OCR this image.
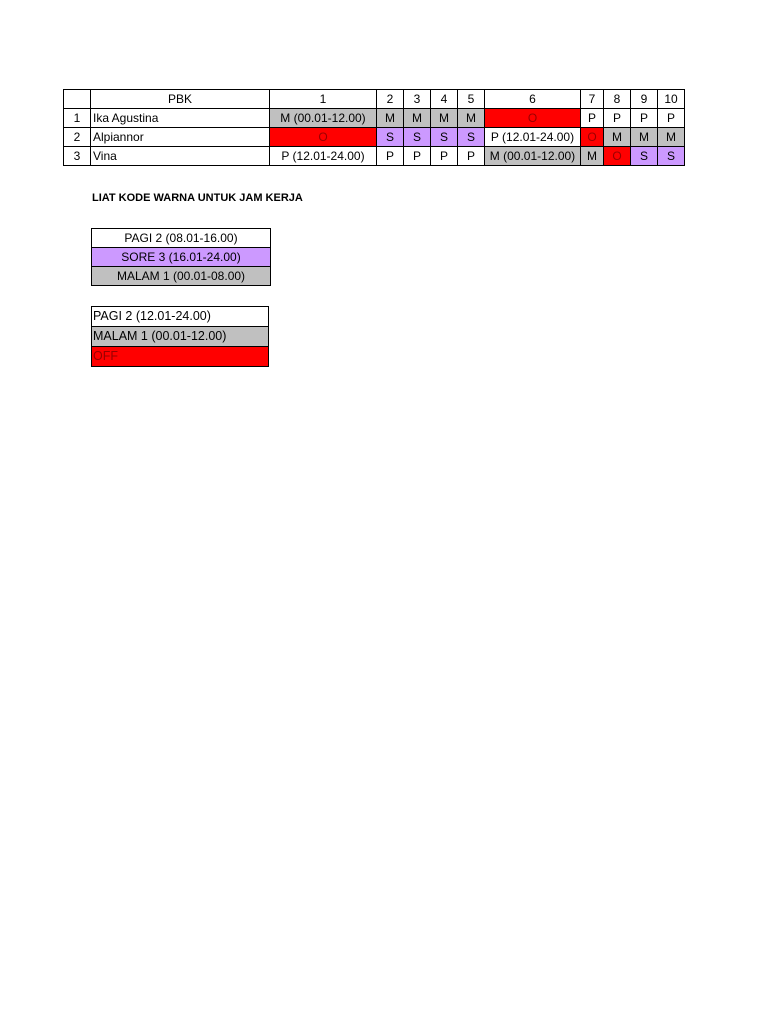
	PBK	1	2	3	4	5	6	7	8	9	10
1	Ika Agustina	M (00.01-12.00)	M	M	M	M	O	P	P	P	P
2	Alpiannor	O	S	S	S	S	P (12.01-24.00)	O	M	M	M
3	Vina	P (12.01-24.00)	P	P	P	P	M (00.01-12.00)	M	O	S	S
LIAT KODE WARNA UNTUK JAM KERJA
PAGI 2 (08.01-16.00)
SORE 3 (16.01-24.00)
MALAM 1 (00.01-08.00)
PAGI 2 (12.01-24.00)
MALAM 1 (00.01-12.00)
OFF
